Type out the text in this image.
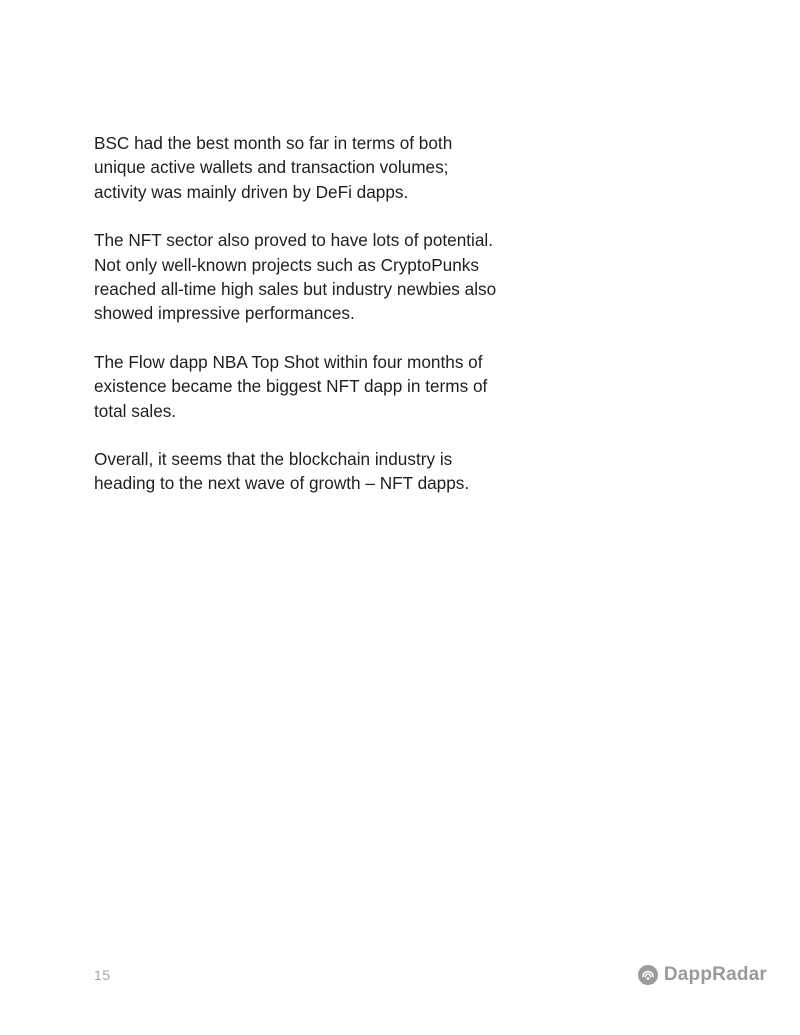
BSC had the best month so far in terms of both
unique active wallets and transaction volumes;
activity was mainly driven by DeFi dapps.

The NFT sector also proved to have lots of potential.
Not only well-known projects such as CryptoPunks
reached all-time high sales but industry newbies also
showed impressive performances.

The Flow dapp NBA Top Shot within four months of
existence became the biggest NFT dapp in terms of
total sales.

Overall, it seems that the blockchain industry is
heading to the next wave of growth – NFT dapps.

15	DappRadar
